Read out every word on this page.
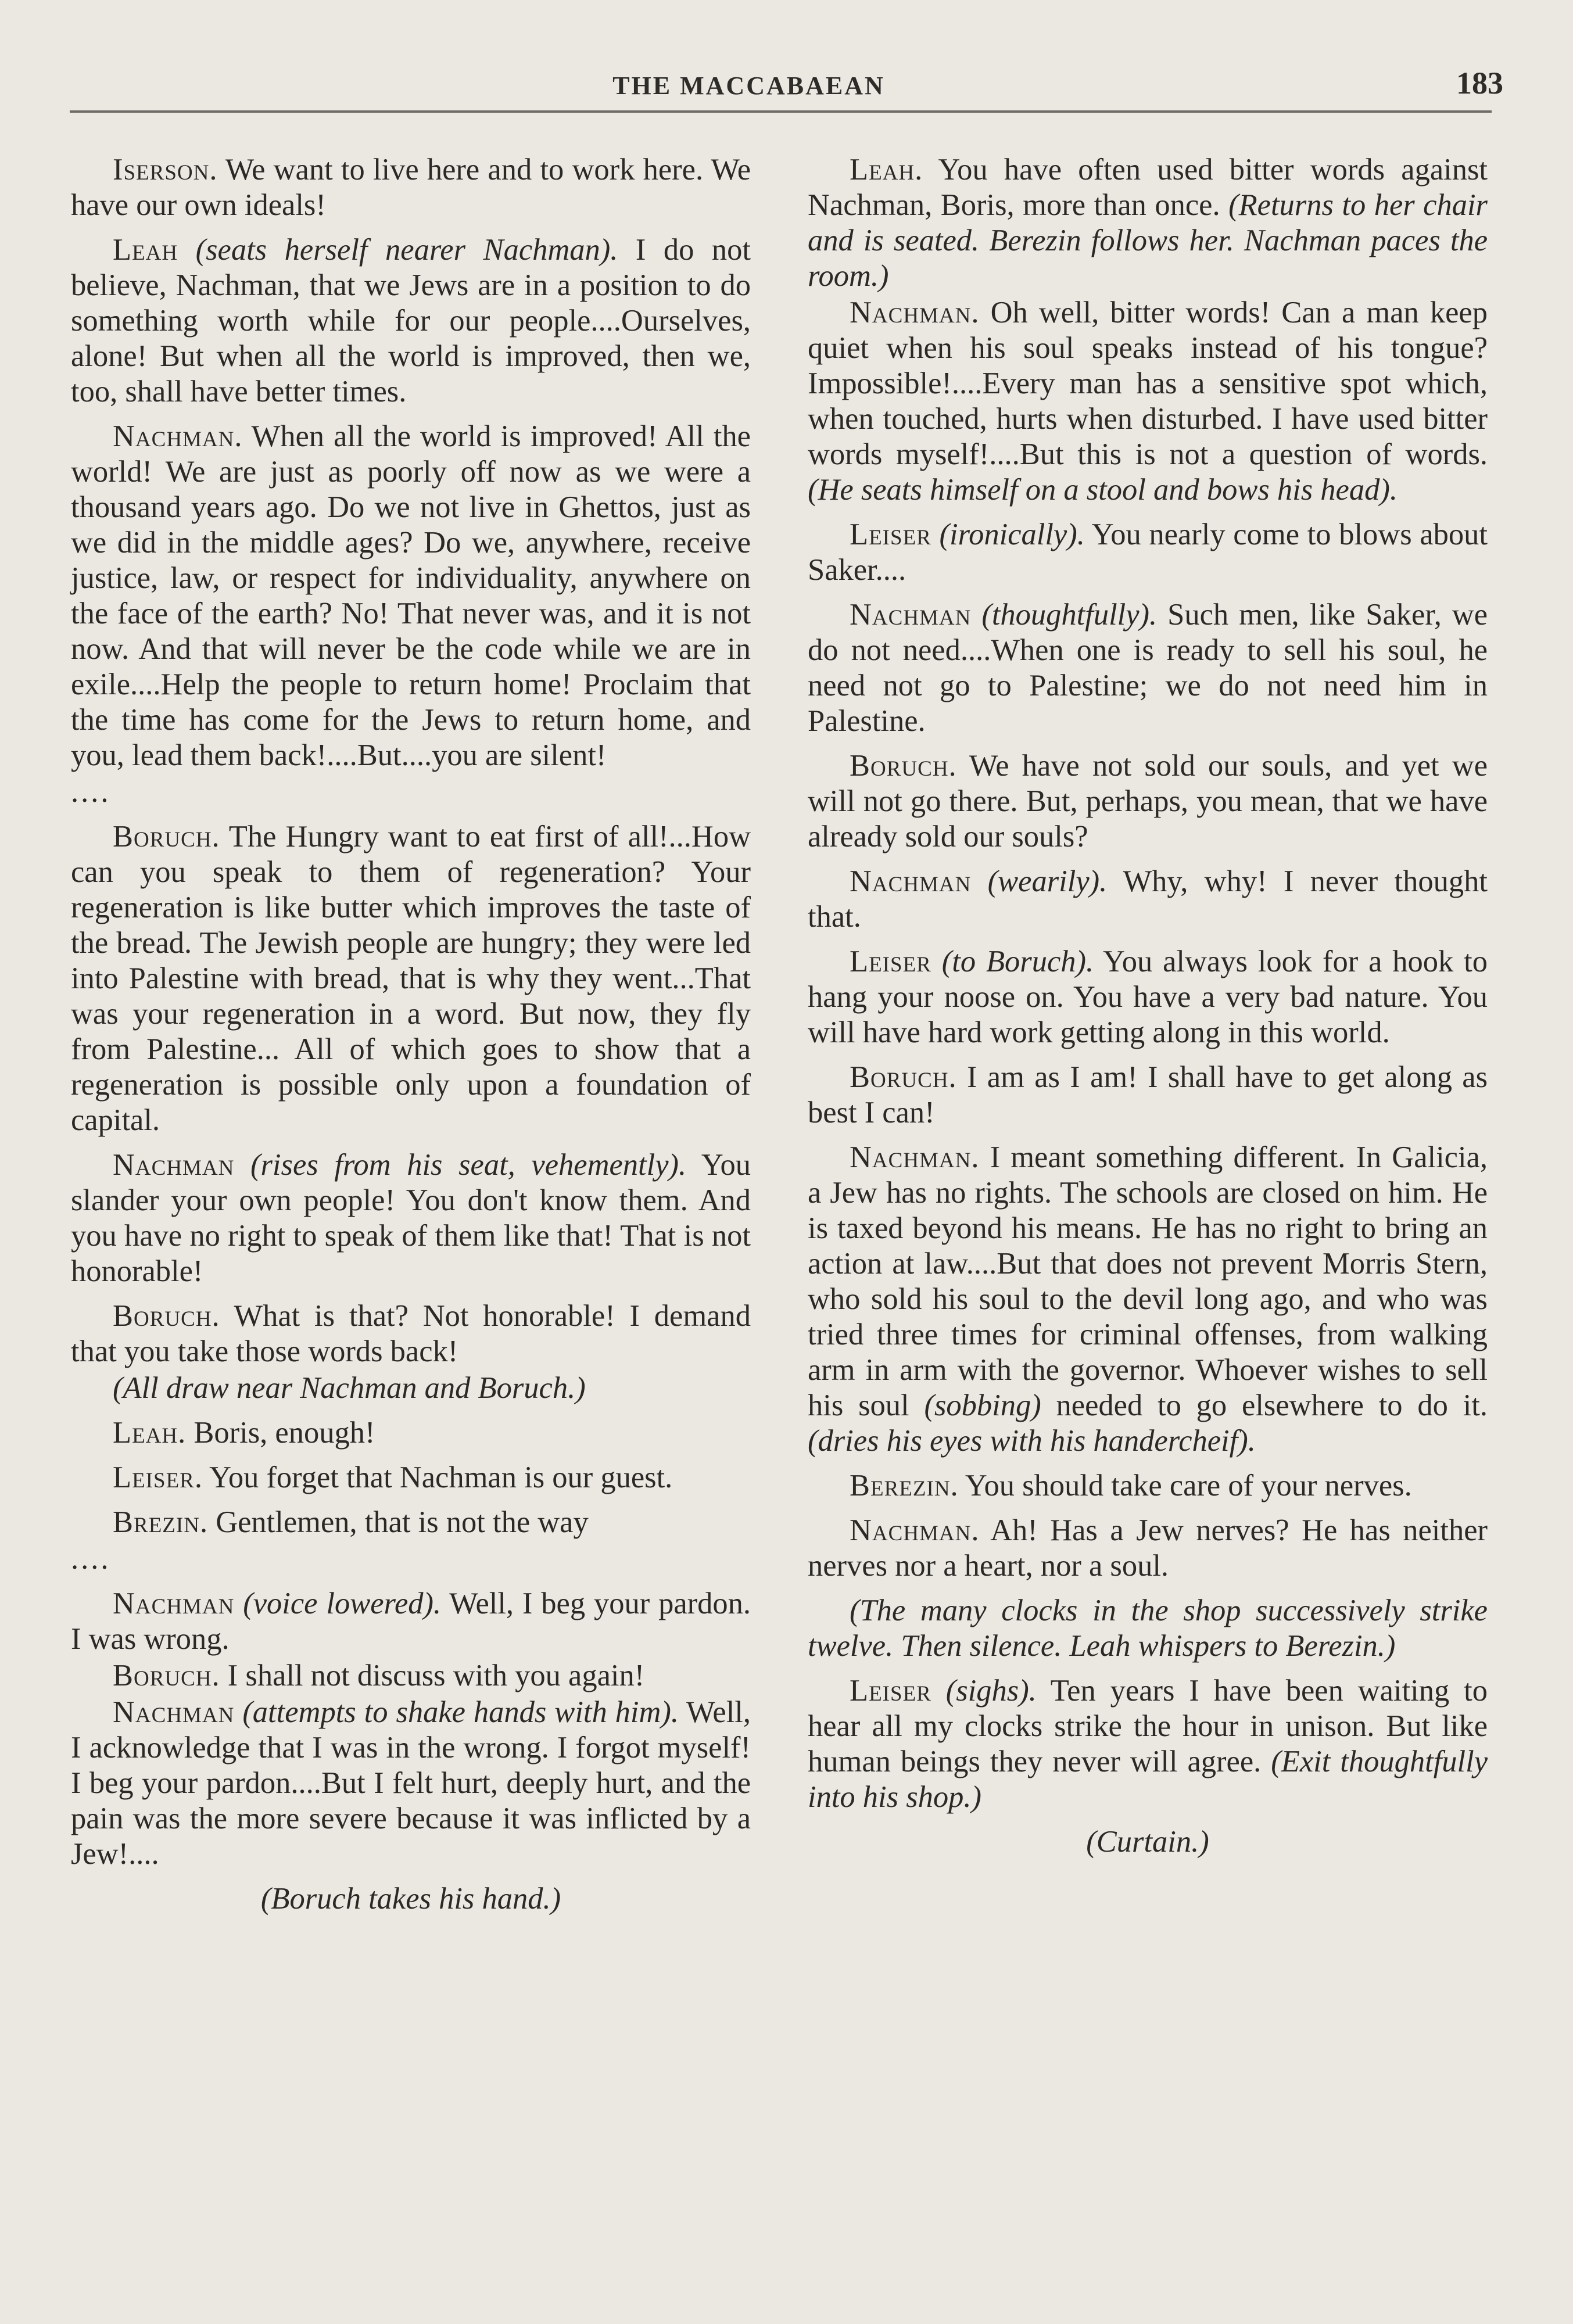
THE MACCABAEAN	183

Iserson. We want to live here and to work here. We have our own ideals!

Leah (seats herself nearer Nachman). I do not believe, Nachman, that we Jews are in a position to do something worth while for our people....Ourselves, alone! But when all the world is improved, then we, too, shall have better times.

Nachman. When all the world is improved! All the world! We are just as poorly off now as we were a thousand years ago. Do we not live in Ghettos, just as we did in the middle ages? Do we, anywhere, receive justice, law, or respect for individuality, anywhere on the face of the earth? No! That never was, and it is not now. And that will never be the code while we are in exile....Help the people to return home! Proclaim that the time has come for the Jews to return home, and you, lead them back!....But....you are silent!

....

Boruch. The Hungry want to eat first of all!...How can you speak to them of regeneration? Your regeneration is like butter which improves the taste of the bread. The Jewish people are hungry; they were led into Palestine with bread, that is why they went...That was your regeneration in a word. But now, they fly from Palestine... All of which goes to show that a regeneration is possible only upon a foundation of capital.

Nachman (rises from his seat, vehemently). You slander your own people! You don't know them. And you have no right to speak of them like that! That is not honorable!

Boruch. What is that? Not honorable! I demand that you take those words back!

(All draw near Nachman and Boruch.)

Leah. Boris, enough!

Leiser. You forget that Nachman is our guest.

Brezin. Gentlemen, that is not the way

....

Nachman (voice lowered). Well, I beg your pardon. I was wrong.

Boruch. I shall not discuss with you again!

Nachman (attempts to shake hands with him). Well, I acknowledge that I was in the wrong. I forgot myself! I beg your pardon....But I felt hurt, deeply hurt, and the pain was the more severe because it was inflicted by a Jew!....

(Boruch takes his hand.)

Leah. You have often used bitter words against Nachman, Boris, more than once. (Returns to her chair and is seated. Berezin follows her. Nachman paces the room.)

Nachman. Oh well, bitter words! Can a man keep quiet when his soul speaks instead of his tongue? Impossible!....Every man has a sensitive spot which, when touched, hurts when disturbed. I have used bitter words myself!....But this is not a question of words. (He seats himself on a stool and bows his head).

Leiser (ironically). You nearly come to blows about Saker....

Nachman (thoughtfully). Such men, like Saker, we do not need....When one is ready to sell his soul, he need not go to Palestine; we do not need him in Palestine.

Boruch. We have not sold our souls, and yet we will not go there. But, perhaps, you mean, that we have already sold our souls?

Nachman (wearily). Why, why! I never thought that.

Leiser (to Boruch). You always look for a hook to hang your noose on. You have a very bad nature. You will have hard work getting along in this world.

Boruch. I am as I am! I shall have to get along as best I can!

Nachman. I meant something different. In Galicia, a Jew has no rights. The schools are closed on him. He is taxed beyond his means. He has no right to bring an action at law....But that does not prevent Morris Stern, who sold his soul to the devil long ago, and who was tried three times for criminal offenses, from walking arm in arm with the governor. Whoever wishes to sell his soul (sobbing) needed to go elsewhere to do it. (dries his eyes with his handercheif).

Berezin. You should take care of your nerves.

Nachman. Ah! Has a Jew nerves? He has neither nerves nor a heart, nor a soul.

(The many clocks in the shop successively strike twelve. Then silence. Leah whispers to Berezin.)

Leiser (sighs). Ten years I have been waiting to hear all my clocks strike the hour in unison. But like human beings they never will agree. (Exit thoughtfully into his shop.)

(Curtain.)
